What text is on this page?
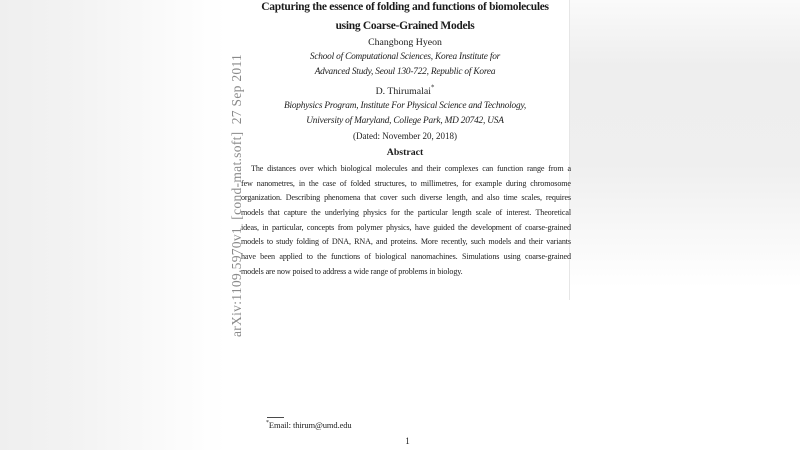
arXiv:1109.5970v1  [cond-mat.soft]  27 Sep 2011
Capturing the essence of folding and functions of biomolecules
using Coarse-Grained Models
Changbong Hyeon
School of Computational Sciences, Korea Institute for
Advanced Study, Seoul 130-722, Republic of Korea
D. Thirumalai*
Biophysics Program, Institute For Physical Science and Technology,
University of Maryland, College Park, MD 20742, USA
(Dated: November 20, 2018)
Abstract
The distances over which biological molecules and their complexes can function range from a
few nanometres, in the case of folded structures, to millimetres, for example during chromosome
organization. Describing phenomena that cover such diverse length, and also time scales, requires
models that capture the underlying physics for the particular length scale of interest. Theoretical
ideas, in particular, concepts from polymer physics, have guided the development of coarse-grained
models to study folding of DNA, RNA, and proteins. More recently, such models and their variants
have been applied to the functions of biological nanomachines. Simulations using coarse-grained
models are now poised to address a wide range of problems in biology.
*Email: thirum@umd.edu
1
